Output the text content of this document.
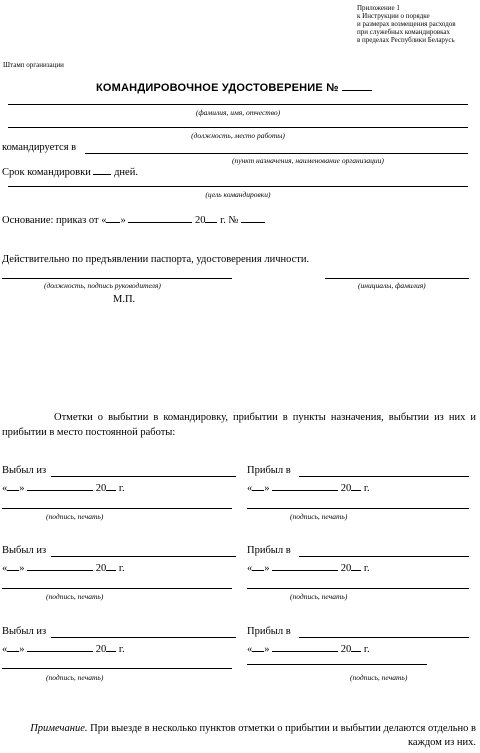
Приложение 1
к Инструкции о порядке
и размерах возмещения расходов
при служебных командировках
в пределах Республики Беларусь
Штамп организации
КОМАНДИРОВОЧНОЕ УДОСТОВЕРЕНИЕ №
(фамилия, имя, отчество)
(должность, место работы)
командируется в
(пункт назначения, наименование организации)
Срок командировки дней.
(цель командировки)
Основание: приказ от « »	20 г. №
Действительно по предъявлении паспорта, удостоверения личности.
(должность, подпись руководителя)	(инициалы, фамилия)
М.П.
Отметки о выбытии в командировку, прибытии в пункты назначения, выбытии из них и прибытии в место постоянной работы:
Выбыл из
« »	20 г.
(подпись, печать)
Прибыл в
« »	20 г.
(подпись, печать)
Выбыл из
« »	20 г.
(подпись, печать)
Прибыл в
« »	20 г.
(подпись, печать)
Выбыл из
« »	20 г.
(подпись, печать)
Прибыл в
« »	20 г.
(подпись, печать)
Примечание. При выезде в несколько пунктов отметки о прибытии и выбытии делаются отдельно в каждом из них.
